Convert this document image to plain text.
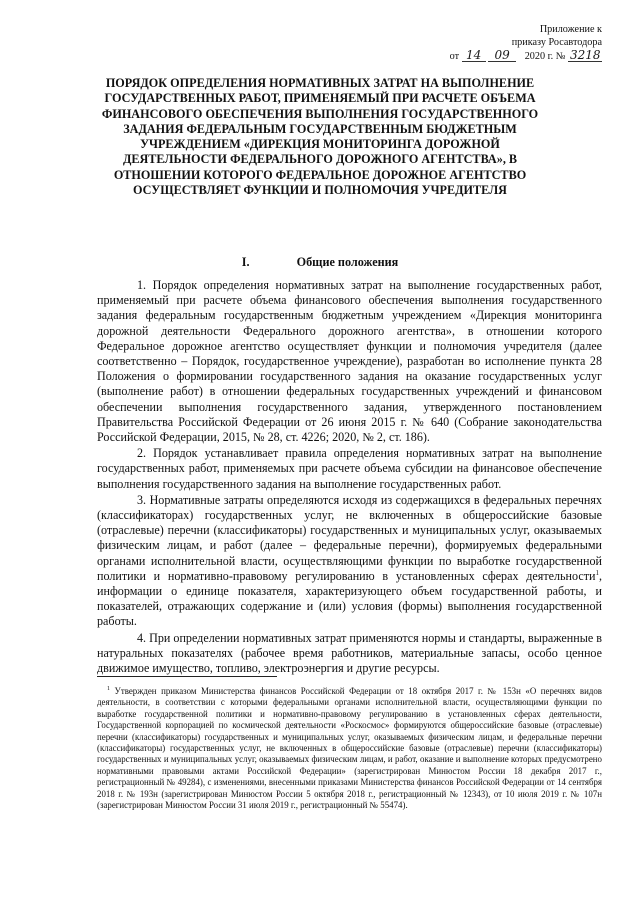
Приложение к
приказу Росавтодора
от 14 09 2020 г. № 3218
ПОРЯДОК ОПРЕДЕЛЕНИЯ НОРМАТИВНЫХ ЗАТРАТ НА ВЫПОЛНЕНИЕ ГОСУДАРСТВЕННЫХ РАБОТ, ПРИМЕНЯЕМЫЙ ПРИ РАСЧЕТЕ ОБЪЕМА ФИНАНСОВОГО ОБЕСПЕЧЕНИЯ ВЫПОЛНЕНИЯ ГОСУДАРСТВЕННОГО ЗАДАНИЯ ФЕДЕРАЛЬНЫМ ГОСУДАРСТВЕННЫМ БЮДЖЕТНЫМ УЧРЕЖДЕНИЕМ «ДИРЕКЦИЯ МОНИТОРИНГА ДОРОЖНОЙ ДЕЯТЕЛЬНОСТИ ФЕДЕРАЛЬНОГО ДОРОЖНОГО АГЕНТСТВА», В ОТНОШЕНИИ КОТОРОГО ФЕДЕРАЛЬНОЕ ДОРОЖНОЕ АГЕНТСТВО ОСУЩЕСТВЛЯЕТ ФУНКЦИИ И ПОЛНОМОЧИЯ УЧРЕДИТЕЛЯ
I.	Общие положения

1. Порядок определения нормативных затрат на выполнение государственных работ, применяемый при расчете объема финансового обеспечения выполнения государственного задания федеральным государственным бюджетным учреждением «Дирекция мониторинга дорожной деятельности Федерального дорожного агентства», в отношении которого Федеральное дорожное агентство осуществляет функции и полномочия учредителя (далее соответственно – Порядок, государственное учреждение), разработан во исполнение пункта 28 Положения о формировании государственного задания на оказание государственных услуг (выполнение работ) в отношении федеральных государственных учреждений и финансовом обеспечении выполнения государственного задания, утвержденного постановлением Правительства Российской Федерации от 26 июня 2015 г. № 640 (Собрание законодательства Российской Федерации, 2015, № 28, ст. 4226; 2020, № 2, ст. 186).

2. Порядок устанавливает правила определения нормативных затрат на выполнение государственных работ, применяемых при расчете объема субсидии на финансовое обеспечение выполнения государственного задания на выполнение государственных работ.

3. Нормативные затраты определяются исходя из содержащихся в федеральных перечнях (классификаторах) государственных услуг, не включенных в общероссийские базовые (отраслевые) перечни (классификаторы) государственных и муниципальных услуг, оказываемых физическим лицам, и работ (далее – федеральные перечни), формируемых федеральными органами исполнительной власти, осуществляющими функции по выработке государственной политики и нормативно-правовому регулированию в установленных сферах деятельности$^1$, информации о единице показателя, характеризующего объем государственной работы, и показателей, отражающих содержание и (или) условия (формы) выполнения государственной работы.

4. При определении нормативных затрат применяются нормы и стандарты, выраженные в натуральных показателях (рабочее время работников, материальные запасы, особо ценное движимое имущество, топливо, электроэнергия и другие ресурсы.

$^1$ Утвержден приказом Министерства финансов Российской Федерации от 18 октября 2017 г. № 153н «О перечнях видов деятельности, в соответствии с которыми федеральными органами исполнительной власти, осуществляющими функции по выработке государственной политики и нормативно-правовому регулированию в установленных сферах деятельности, Государственной корпорацией по космической деятельности «Роскосмос» формируются общероссийские базовые (отраслевые) перечни (классификаторы) государственных и муниципальных услуг, оказываемых физическим лицам, и федеральные перечни (классификаторы) государственных услуг, не включенных в общероссийские базовые (отраслевые) перечни (классификаторы) государственных и муниципальных услуг, оказываемых физическим лицам, и работ, оказание и выполнение которых предусмотрено нормативными правовыми актами Российской Федерации» (зарегистрирован Минюстом России 18 декабря 2017 г., регистрационный № 49284), с изменениями, внесенными приказами Министерства финансов Российской Федерации от 14 сентября 2018 г. № 193н (зарегистрирован Минюстом России 5 октября 2018 г., регистрационный № 12343), от 10 июля 2019 г. № 107н (зарегистрирован Минюстом России 31 июля 2019 г., регистрационный № 55474).
